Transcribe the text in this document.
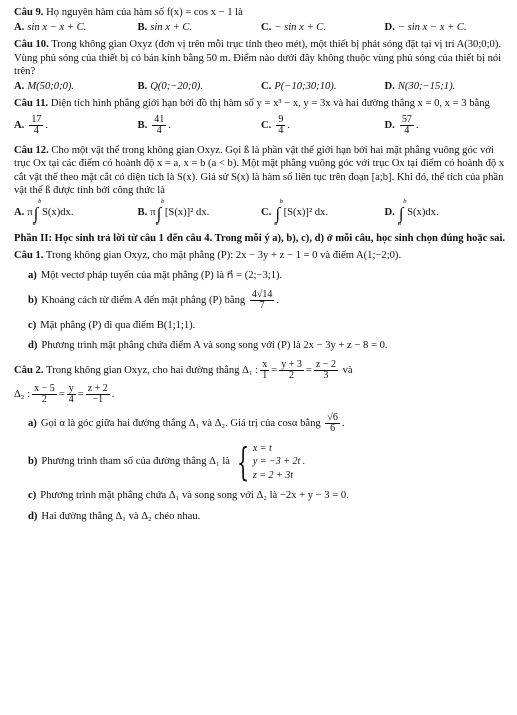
Câu 9. Họ nguyên hàm của hàm số f(x) = cos x − 1 là
A. sin x − x + C.	B. sin x + C.	C. − sin x + C.	D. − sin x − x + C.
Câu 10. Trong không gian Oxyz (đơn vị trên mỗi trục tính theo mét), một thiết bị phát sóng đặt tại vị trí A(30;0;0). Vùng phủ sóng của thiết bị có bán kính bằng 50 m. Điểm nào dưới đây không thuộc vùng phủ sóng của thiết bị nói trên?
A. M(50;0;0).	B. Q(0;−20;0).	C. P(−10;30;10).	D. N(30;−15;1).
Câu 11. Diện tích hình phẳng giới hạn bởi đồ thị hàm số y = x³ − x, y = 3x và hai đường thẳng x = 0, x = 3 bằng
A. $\frac{17}{4}$ .	B. $\frac{41}{4}$ .	C. $\frac{9}{4}$ .	D. $\frac{57}{4}$ .
Câu 12. Cho một vật thể trong không gian Oxyz. Gọi ß là phần vật thể giới hạn bởi hai mặt phẳng vuông góc với trục Ox tại các điểm có hoành độ x = a, x = b (a < b). Một mặt phẳng vuông góc với trục Ox tại điểm có hoành độ x cắt vật thể theo mặt cắt có diện tích là S(x). Giả sử S(x) là hàm số liên tục trên đoạn [a;b]. Khi đó, thể tích của phần vật thể ß được tính bởi công thức là
A. π ∫
b
a

S(x)dx.	B. π ∫
b
a

[S(x)]² dx.	C. ∫
b
a

[S(x)]² dx.	D. ∫
b
a

S(x)dx.
Phần II: Học sinh trả lời từ câu 1 đến câu 4. Trong mỗi ý a), b), c), d) ở mỗi câu, học sinh chọn đúng hoặc sai.
Câu 1. Trong không gian Oxyz, cho mặt phẳng (P): 2x − 3y + z − 1 = 0 và điểm A(1;−2;0).
a) Một vectơ pháp tuyến của mặt phẳng (P) là n⃗ = (2;−3;1).
b) Khoảng cách từ điểm A đến mặt phẳng (P) bằng
$\frac{4√14}{7}$ .
c) Mặt phẳng (P) đi qua điểm B(1;1;1).
d) Phương trình mặt phẳng chứa điểm A và song song với (P) là 2x − 3y + z − 8 = 0.
Câu 2.
Trong không gian Oxyz, cho hai đường thẳng
Δ₁ : $\frac{x}{1} = \frac{y + 3}{2} = \frac{z - 2}{3}$
và
Δ₂ : $\frac{x - 5}{2} = \frac{y}{4} = \frac{z + 2}{-1}$ .
a) Gọi α là góc giữa hai đường thẳng Δ₁ và Δ₂. Giá trị của cosα bằng
$\frac{√6}{6}$ .
b) Phương trình tham số của đường thẳng Δ₁ là
{ x = t
y = −3 + 2t .
z = 2 + 3t
c) Phương trình mặt phẳng chứa Δ₁ và song song với Δ₂ là −2x + y − 3 = 0.
d) Hai đường thẳng Δ₁ và Δ₂ chéo nhau.
